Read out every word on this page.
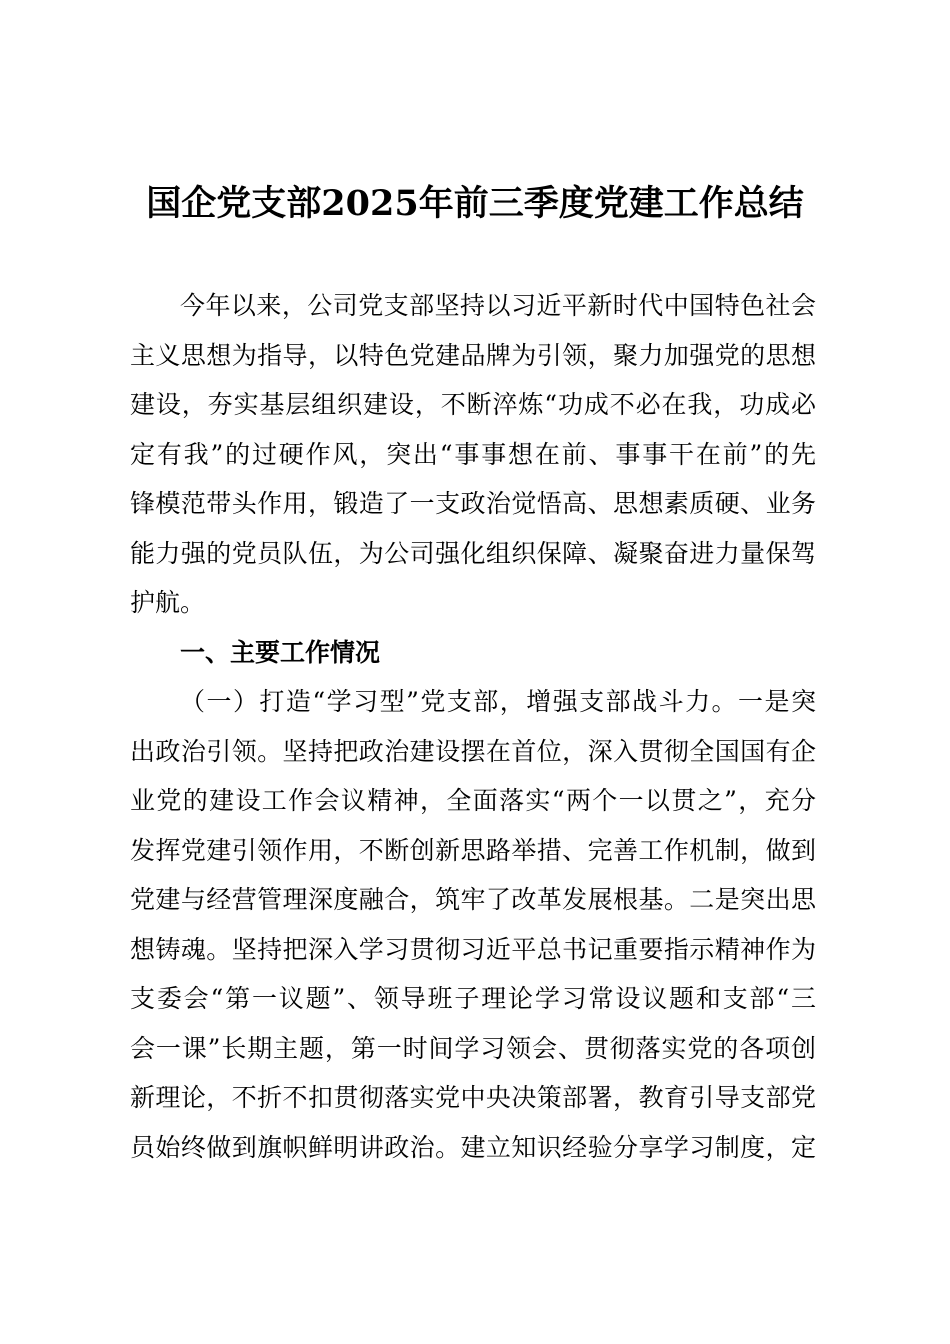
国企党支部2025年前三季度党建工作总结
今年以来，公司党支部坚持以习近平新时代中国特色社会
主义思想为指导，以特色党建品牌为引领，聚力加强党的思想
建设，夯实基层组织建设，不断淬炼“功成不必在我，功成必
定有我”的过硬作风，突出“事事想在前、事事干在前”的先
锋模范带头作用，锻造了一支政治觉悟高、思想素质硬、业务
能力强的党员队伍，为公司强化组织保障、凝聚奋进力量保驾
护航。
一、主要工作情况
（一）打造“学习型”党支部，增强支部战斗力。一是突
出政治引领。坚持把政治建设摆在首位，深入贯彻全国国有企
业党的建设工作会议精神，全面落实“两个一以贯之”，充分
发挥党建引领作用，不断创新思路举措、完善工作机制，做到
党建与经营管理深度融合，筑牢了改革发展根基。二是突出思
想铸魂。坚持把深入学习贯彻习近平总书记重要指示精神作为
支委会“第一议题”、领导班子理论学习常设议题和支部“三
会一课”长期主题，第一时间学习领会、贯彻落实党的各项创
新理论，不折不扣贯彻落实党中央决策部署，教育引导支部党
员始终做到旗帜鲜明讲政治。建立知识经验分享学习制度，定
